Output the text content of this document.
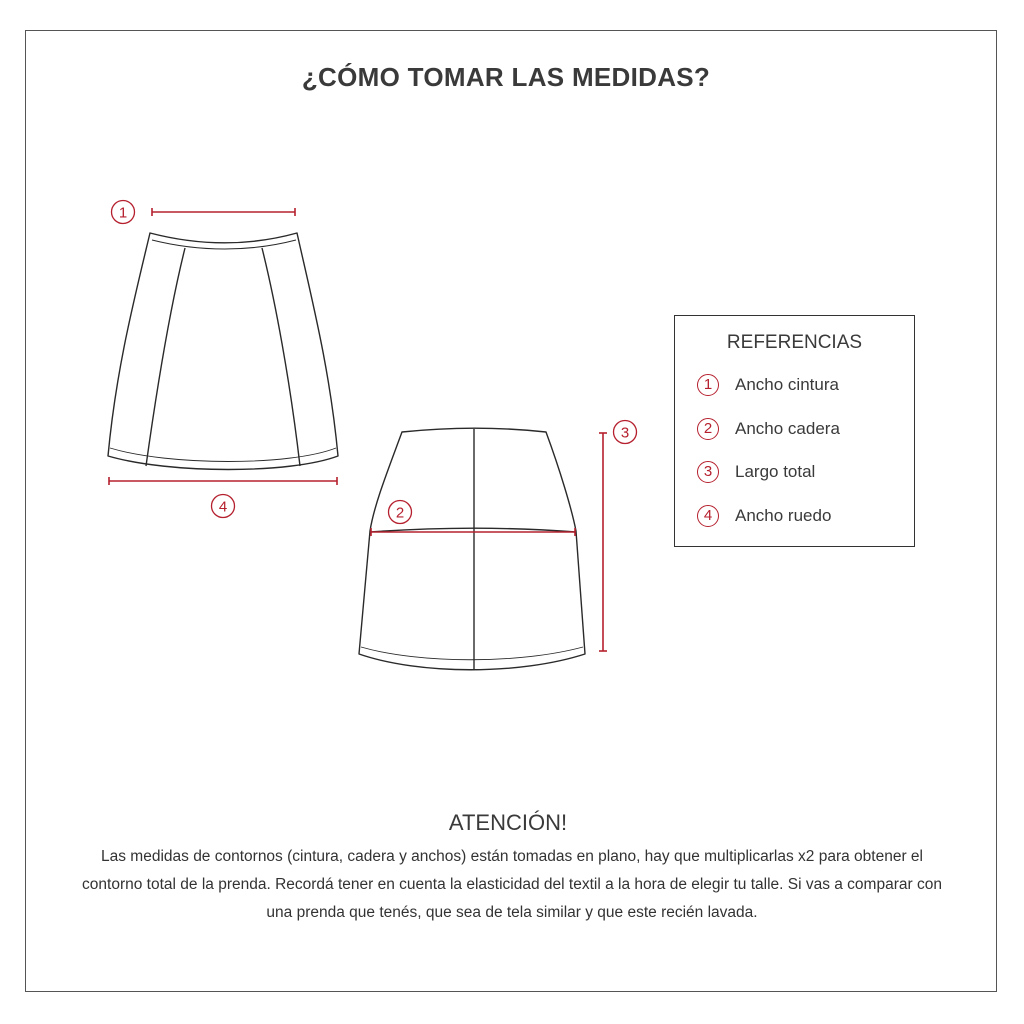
¿CÓMO TOMAR LAS MEDIDAS?
1
4	2
3
REFERENCIAS
1	Ancho cintura
2	Ancho cadera
3	Largo total
4	Ancho ruedo
ATENCIÓN!

Las medidas de contornos (cintura, cadera y anchos) están tomadas en plano, hay que multiplicarlas x2 para obtener el contorno total de la prenda. Recordá tener en cuenta la elasticidad del textil a la hora de elegir tu talle. Si vas a comparar con una prenda que tenés, que sea de tela similar y que este recién lavada.
